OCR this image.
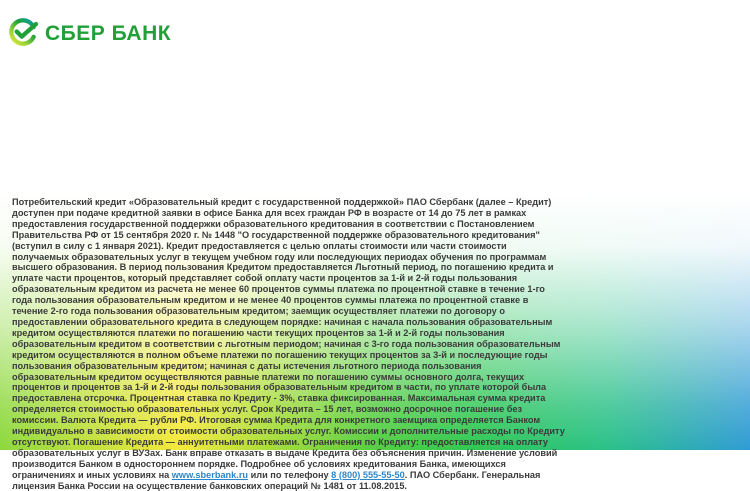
СБЕР БАНК

Потребительский кредит «Образовательный кредит с государственной поддержкой» ПАО Сбербанк (далее – Кредит) доступен при подаче кредитной заявки в офисе Банка для всех граждан РФ в возрасте от 14 до 75 лет в рамках предоставления государственной поддержки образовательного кредитования в соответствии с Постановлением Правительства РФ от 15 сентября 2020 г. № 1448 "О государственной поддержке образовательного кредитования" (вступил в силу с 1 января 2021). Кредит предоставляется с целью оплаты стоимости или части стоимости получаемых образовательных услуг в текущем учебном году или последующих периодах обучения по программам высшего образования. В период пользования Кредитом предоставляется Льготный период, по погашению кредита и уплате части процентов, который представляет собой оплату части процентов за 1-й и 2-й годы пользования образовательным кредитом из расчета не менее 60 процентов суммы платежа по процентной ставке в течение 1-го года пользования образовательным кредитом и не менее 40 процентов суммы платежа по процентной ставке в течение 2-го года пользования образовательным кредитом; заемщик осуществляет платежи по договору о предоставлении образовательного кредита в следующем порядке: начиная с начала пользования образовательным кредитом осуществляются платежи по погашению части текущих процентов за 1-й и 2-й годы пользования образовательным кредитом в соответствии с льготным периодом; начиная с 3-го года пользования образовательным кредитом осуществляются в полном объеме платежи по погашению текущих процентов за 3-й и последующие годы пользования образовательным кредитом; начиная с даты истечения льготного периода пользования образовательным кредитом осуществляются равные платежи по погашению суммы основного долга, текущих процентов и процентов за 1-й и 2-й годы пользования образовательным кредитом в части, по уплате которой была предоставлена отсрочка. Процентная ставка по Кредиту - 3%, ставка фиксированная. Максимальная сумма кредита определяется стоимостью образовательных услуг. Срок Кредита – 15 лет, возможно досрочное погашение без комиссии. Валюта Кредита — рубли РФ. Итоговая сумма Кредита для конкретного заемщика определяется Банком индивидуально в зависимости от стоимости образовательных услуг. Комиссии и дополнительные расходы по Кредиту отсутствуют. Погашение Кредита — аннуитетными платежами. Ограничения по Кредиту: предоставляется на оплату образовательных услуг в ВУЗах. Банк вправе отказать в выдаче Кредита без объяснения причин. Изменение условий производится Банком в одностороннем порядке. Подробнее об условиях кредитования Банка, имеющихся ограничениях и иных условиях на www.sberbank.ru или по телефону 8 (800) 555-55-50. ПАО Сбербанк. Генеральная лицензия Банка России на осуществление банковских операций № 1481 от 11.08.2015.
